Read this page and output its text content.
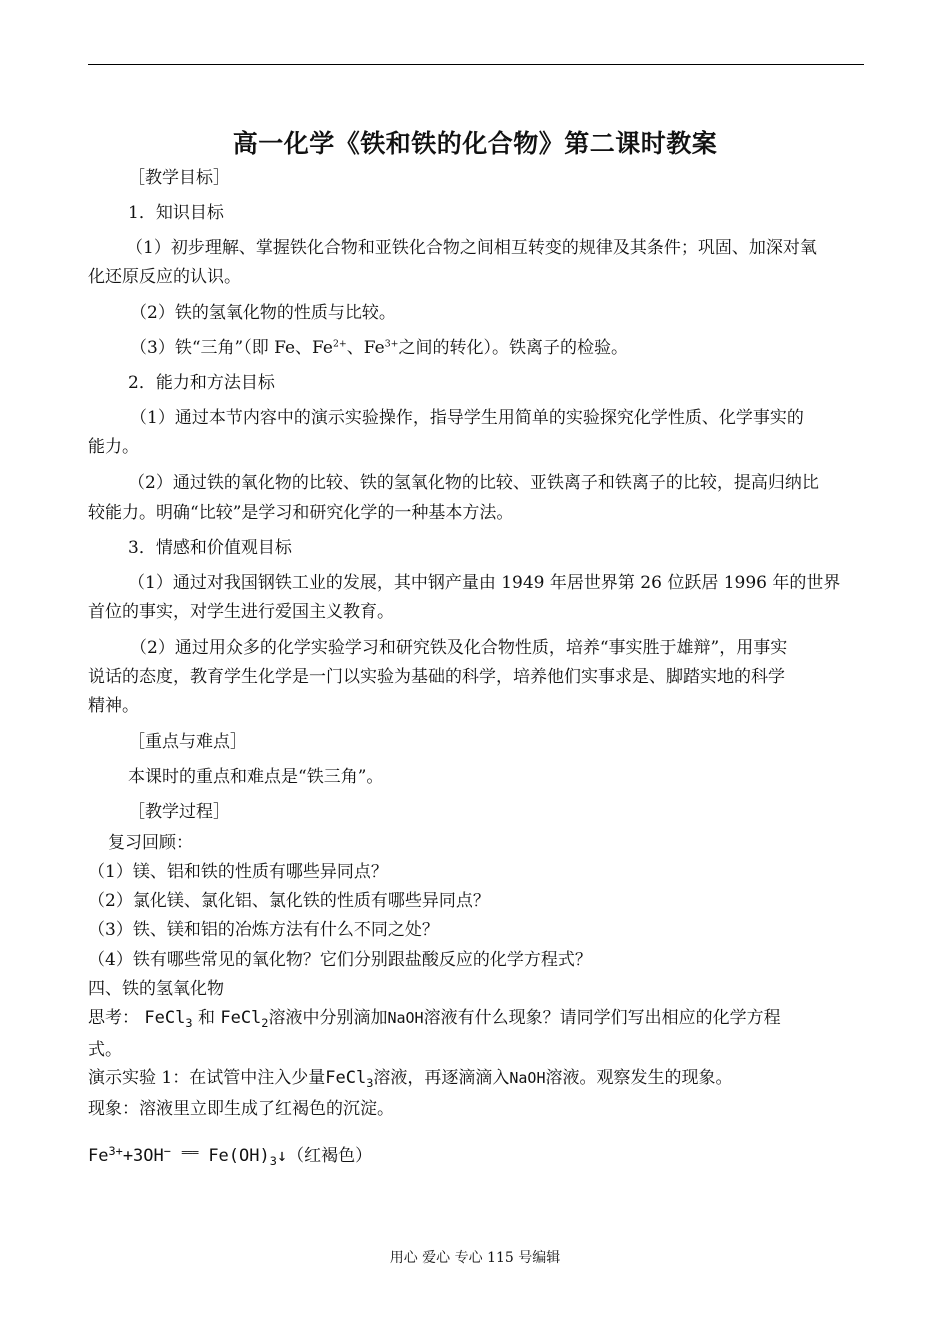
高一化学《铁和铁的化合物》第二课时教案
［教学目标］
1．知识目标
（1）初步理解、掌握铁化合物和亚铁化合物之间相互转变的规律及其条件；巩固、加深对氧
化还原反应的认识。
（2）铁的氢氧化物的性质与比较。
（3）铁“三角”（即 Fe、$Fe^{2+}$、$Fe^{3+}$之间的转化）。铁离子的检验。
2．能力和方法目标
（1）通过本节内容中的演示实验操作，指导学生用简单的实验探究化学性质、化学事实的
能力。
（2）通过铁的氧化物的比较、铁的氢氧化物的比较、亚铁离子和铁离子的比较，提高归纳比
较能力。明确“比较”是学习和研究化学的一种基本方法。
3．情感和价值观目标
（1）通过对我国钢铁工业的发展，其中钢产量由 1949 年居世界第 26 位跃居 1996 年的世界
首位的事实，对学生进行爱国主义教育。
（2）通过用众多的化学实验学习和研究铁及化合物性质，培养“事实胜于雄辩”，用事实
说话的态度，教育学生化学是一门以实验为基础的科学，培养他们实事求是、脚踏实地的科学
精神。
［重点与难点］
本课时的重点和难点是“铁三角”。
［教学过程］
复习回顾：
（1）镁、铝和铁的性质有哪些异同点？
（2）氯化镁、氯化铝、氯化铁的性质有哪些异同点？
（3）铁、镁和铝的冶炼方法有什么不同之处？
（4）铁有哪些常见的氧化物？它们分别跟盐酸反应的化学方程式？
四、铁的氢氧化物
思考： FeCl$_3$ 和 FeCl$_2$溶液中分别滴加NaOH溶液有什么现象？请同学们写出相应的化学方程
式。
演示实验 1：在试管中注入少量FeCl$_3$溶液，再逐滴滴入NaOH溶液。观察发生的现象。
现象：溶液里立即生成了红褐色的沉淀。
$Fe^{3+}+3OH^-$ === $Fe(OH)_3↓$（红褐色）
用心 爱心 专心 115 号编辑
